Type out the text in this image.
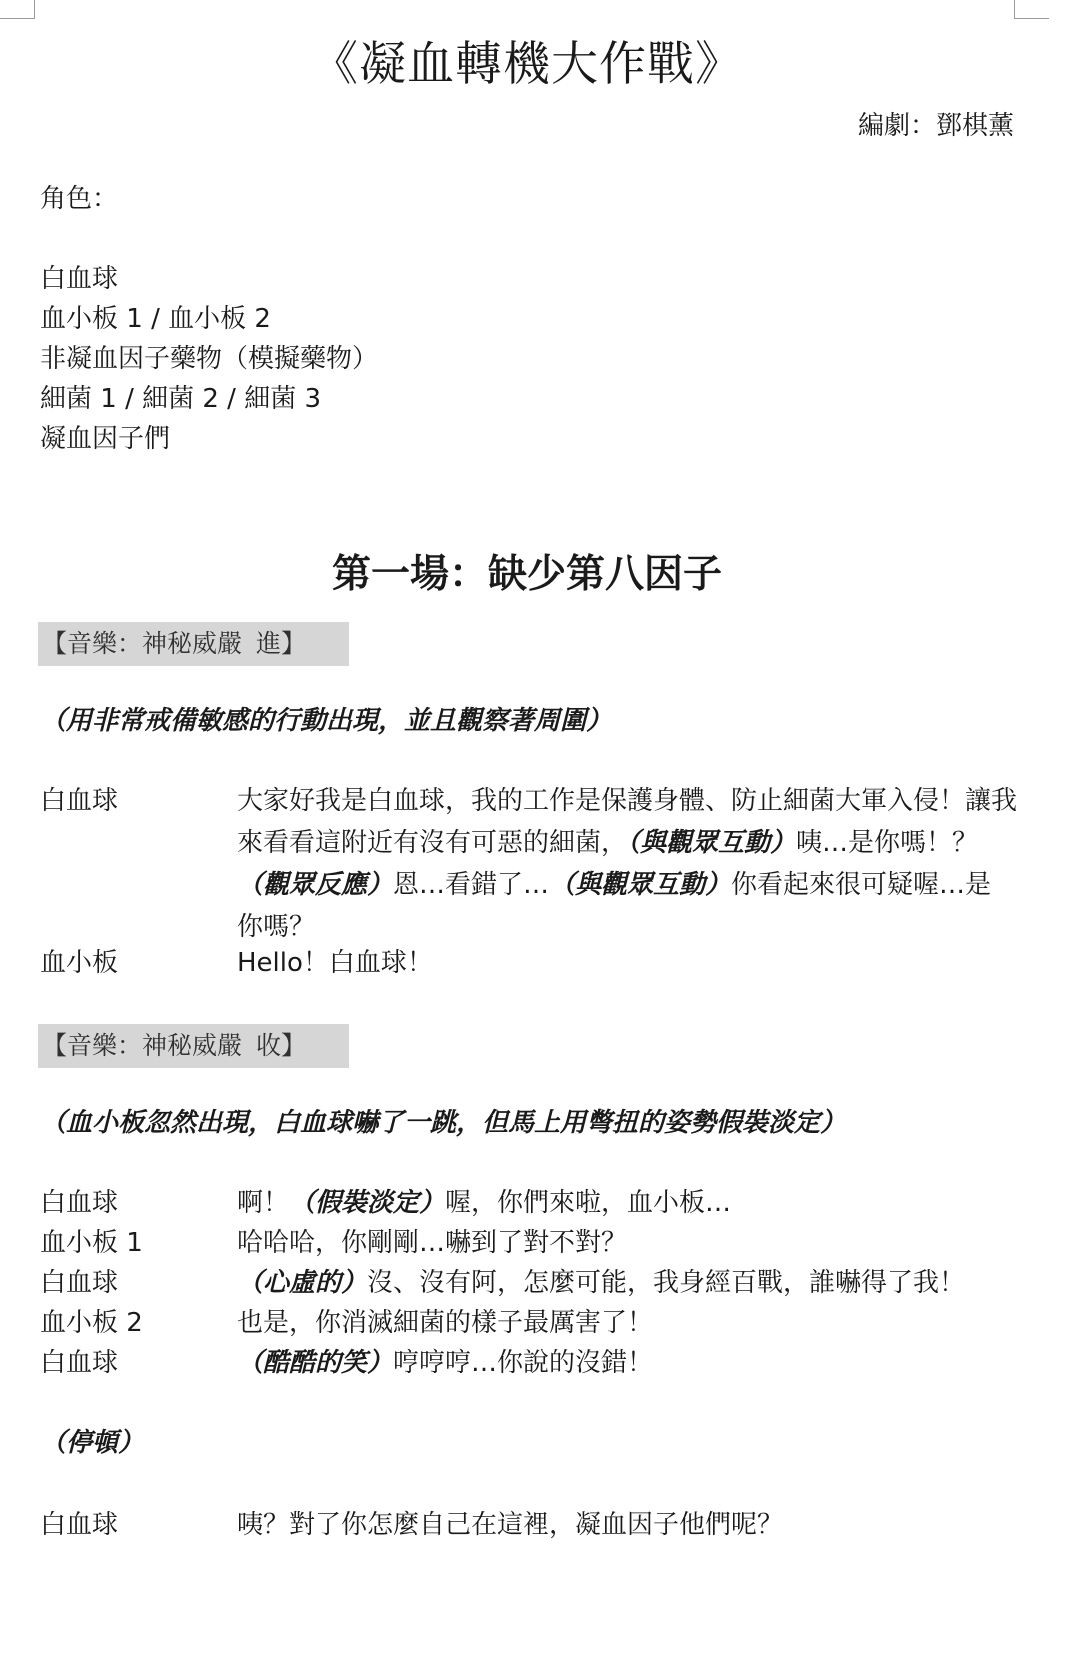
《凝血轉機大作戰》
編劇：鄧棋薰
角色：
白血球
血小板 1 / 血小板 2
非凝血因子藥物（模擬藥物）
細菌 1 / 細菌 2 / 細菌 3
凝血因子們
第一場：缺少第八因子
【音樂：神秘威嚴 進】
（用非常戒備敏感的行動出現，並且觀察著周圍）
白血球	大家好我是白血球，我的工作是保護身體、防止細菌大軍入侵！讓我來看看這附近有沒有可惡的細菌，（與觀眾互動）咦…是你嗎！？（觀眾反應）恩…看錯了…（與觀眾互動）你看起來很可疑喔…是你嗎？
血小板	Hello！白血球！
【音樂：神秘威嚴 收】
（血小板忽然出現，白血球嚇了一跳，但馬上用彆扭的姿勢假裝淡定）
白血球	啊！（假裝淡定）喔，你們來啦，血小板…
血小板 1	哈哈哈，你剛剛…嚇到了對不對？
白血球	（心虛的）沒、沒有阿，怎麼可能，我身經百戰，誰嚇得了我！
血小板 2	也是，你消滅細菌的樣子最厲害了！
白血球	（酷酷的笑）哼哼哼…你說的沒錯！
（停頓）
白血球	咦？對了你怎麼自己在這裡，凝血因子他們呢？
